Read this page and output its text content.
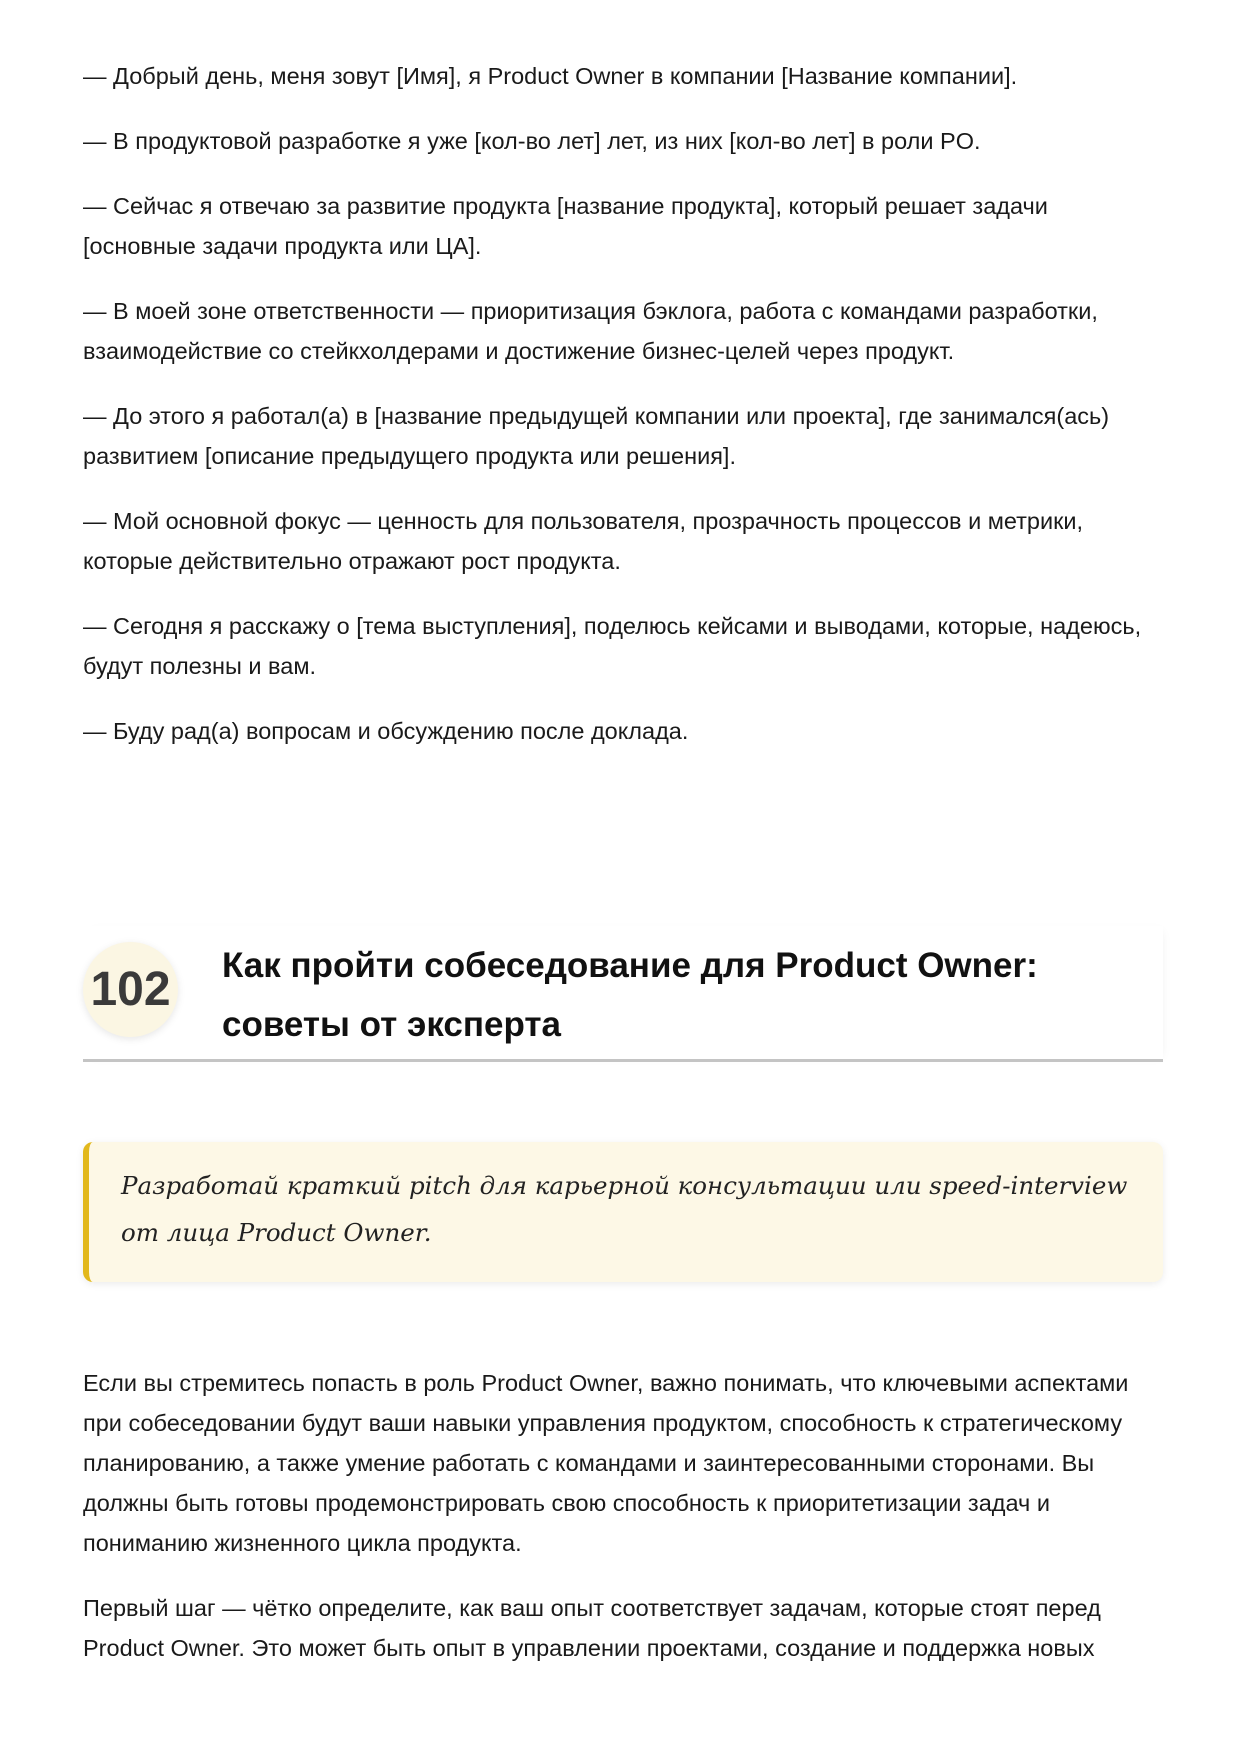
— Добрый день, меня зовут [Имя], я Product Owner в компании [Название компании].

— В продуктовой разработке я уже [кол-во лет] лет, из них [кол-во лет] в роли PO.

— Сейчас я отвечаю за развитие продукта [название продукта], который решает задачи [основные задачи продукта или ЦА].

— В моей зоне ответственности — приоритизация бэклога, работа с командами разработки, взаимодействие со стейкхолдерами и достижение бизнес-целей через продукт.

— До этого я работал(а) в [название предыдущей компании или проекта], где занимался(ась) развитием [описание предыдущего продукта или решения].

— Мой основной фокус — ценность для пользователя, прозрачность процессов и метрики, которые действительно отражают рост продукта.

— Сегодня я расскажу о [тема выступления], поделюсь кейсами и выводами, которые, надеюсь, будут полезны и вам.

— Буду рад(а) вопросам и обсуждению после доклада.

102 Как пройти собеседование для Product Owner:
советы от эксперта

Разработай краткий pitch для карьерной консультации или speed-interview от лица Product Owner.

Если вы стремитесь попасть в роль Product Owner, важно понимать, что ключевыми аспектами при собеседовании будут ваши навыки управления продуктом, способность к стратегическому планированию, а также умение работать с командами и заинтересованными сторонами. Вы должны быть готовы продемонстрировать свою способность к приоритетизации задач и пониманию жизненного цикла продукта.

Первый шаг — чётко определите, как ваш опыт соответствует задачам, которые стоят перед Product Owner. Это может быть опыт в управлении проектами, создание и поддержка новых
